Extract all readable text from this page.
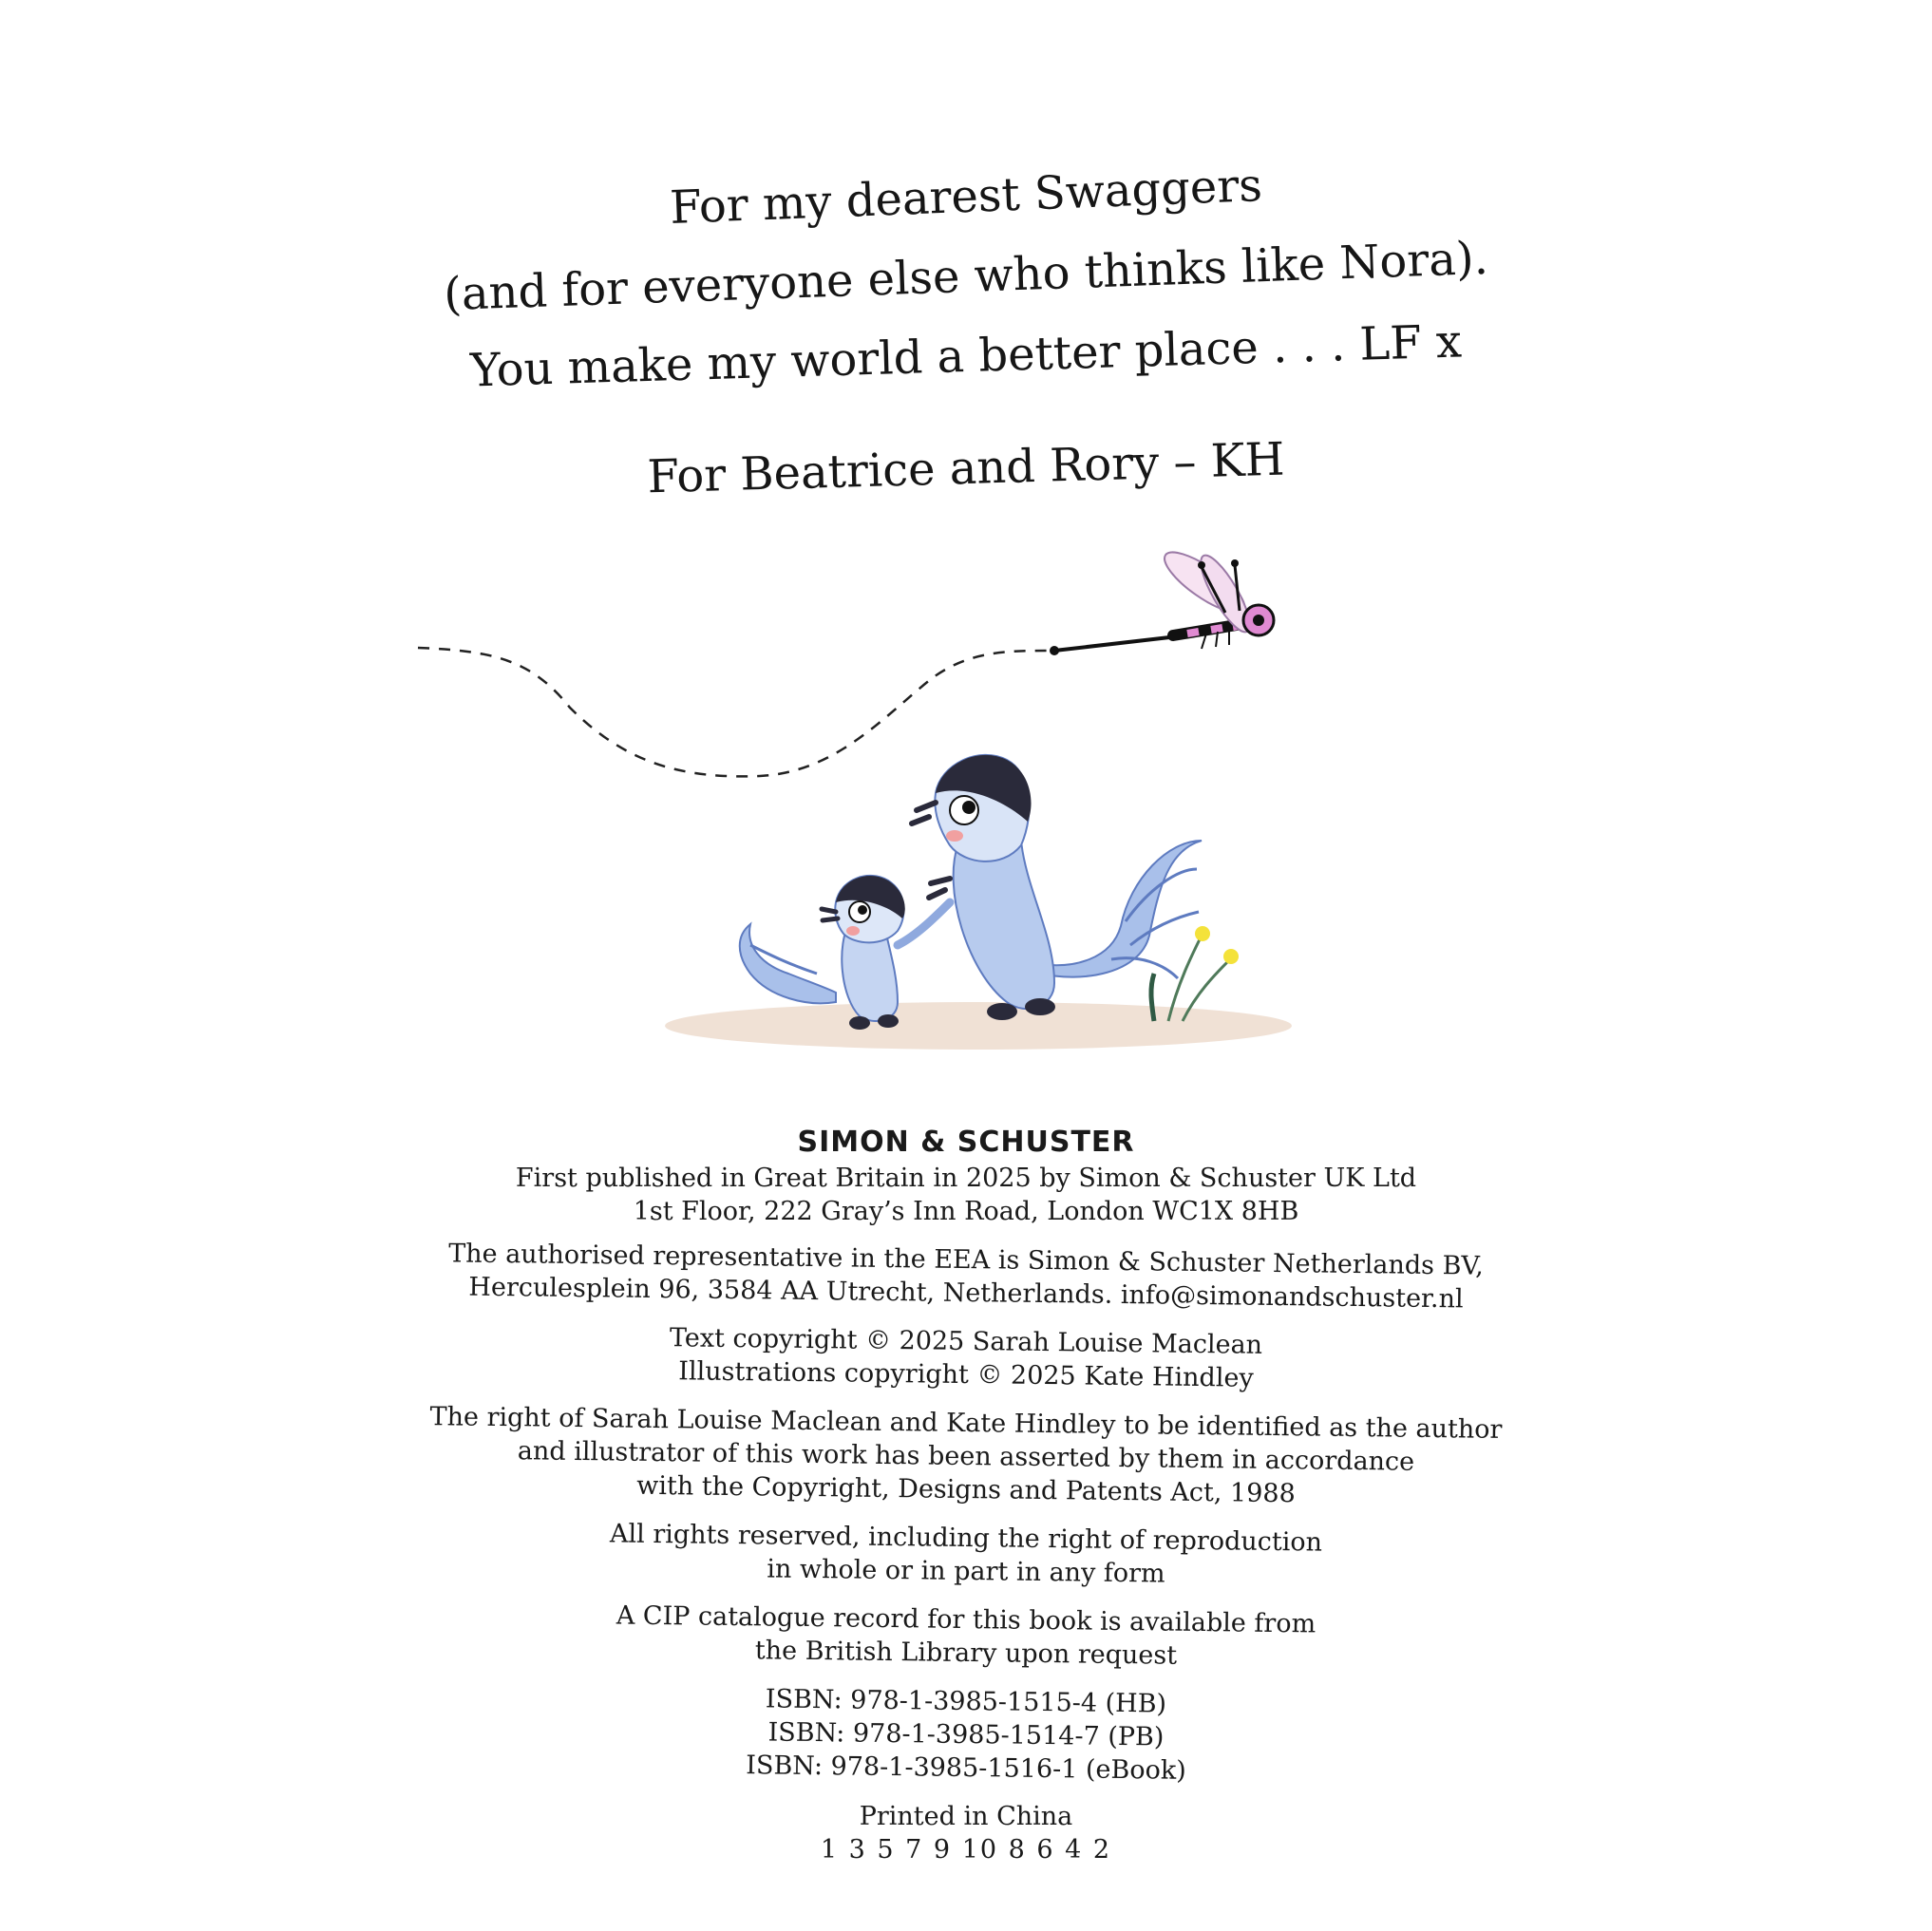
For my dearest Swaggers
(and for everyone else who thinks like Nora).
You make my world a better place . . . LF x
For Beatrice and Rory – KH
SIMON & SCHUSTER
First published in Great Britain in 2025 by Simon & Schuster UK Ltd
1st Floor, 222 Gray’s Inn Road, London WC1X 8HB
The authorised representative in the EEA is Simon & Schuster Netherlands BV,
Herculesplein 96, 3584 AA Utrecht, Netherlands. info@simonandschuster.nl
Text copyright © 2025 Sarah Louise Maclean
Illustrations copyright © 2025 Kate Hindley
The right of Sarah Louise Maclean and Kate Hindley to be identified as the author
and illustrator of this work has been asserted by them in accordance
with the Copyright, Designs and Patents Act, 1988
All rights reserved, including the right of reproduction
in whole or in part in any form
A CIP catalogue record for this book is available from
the British Library upon request
ISBN: 978-1-3985-1515-4 (HB)
ISBN: 978-1-3985-1514-7 (PB)
ISBN: 978-1-3985-1516-1 (eBook)
Printed in China
1 3 5 7 9 10 8 6 4 2
